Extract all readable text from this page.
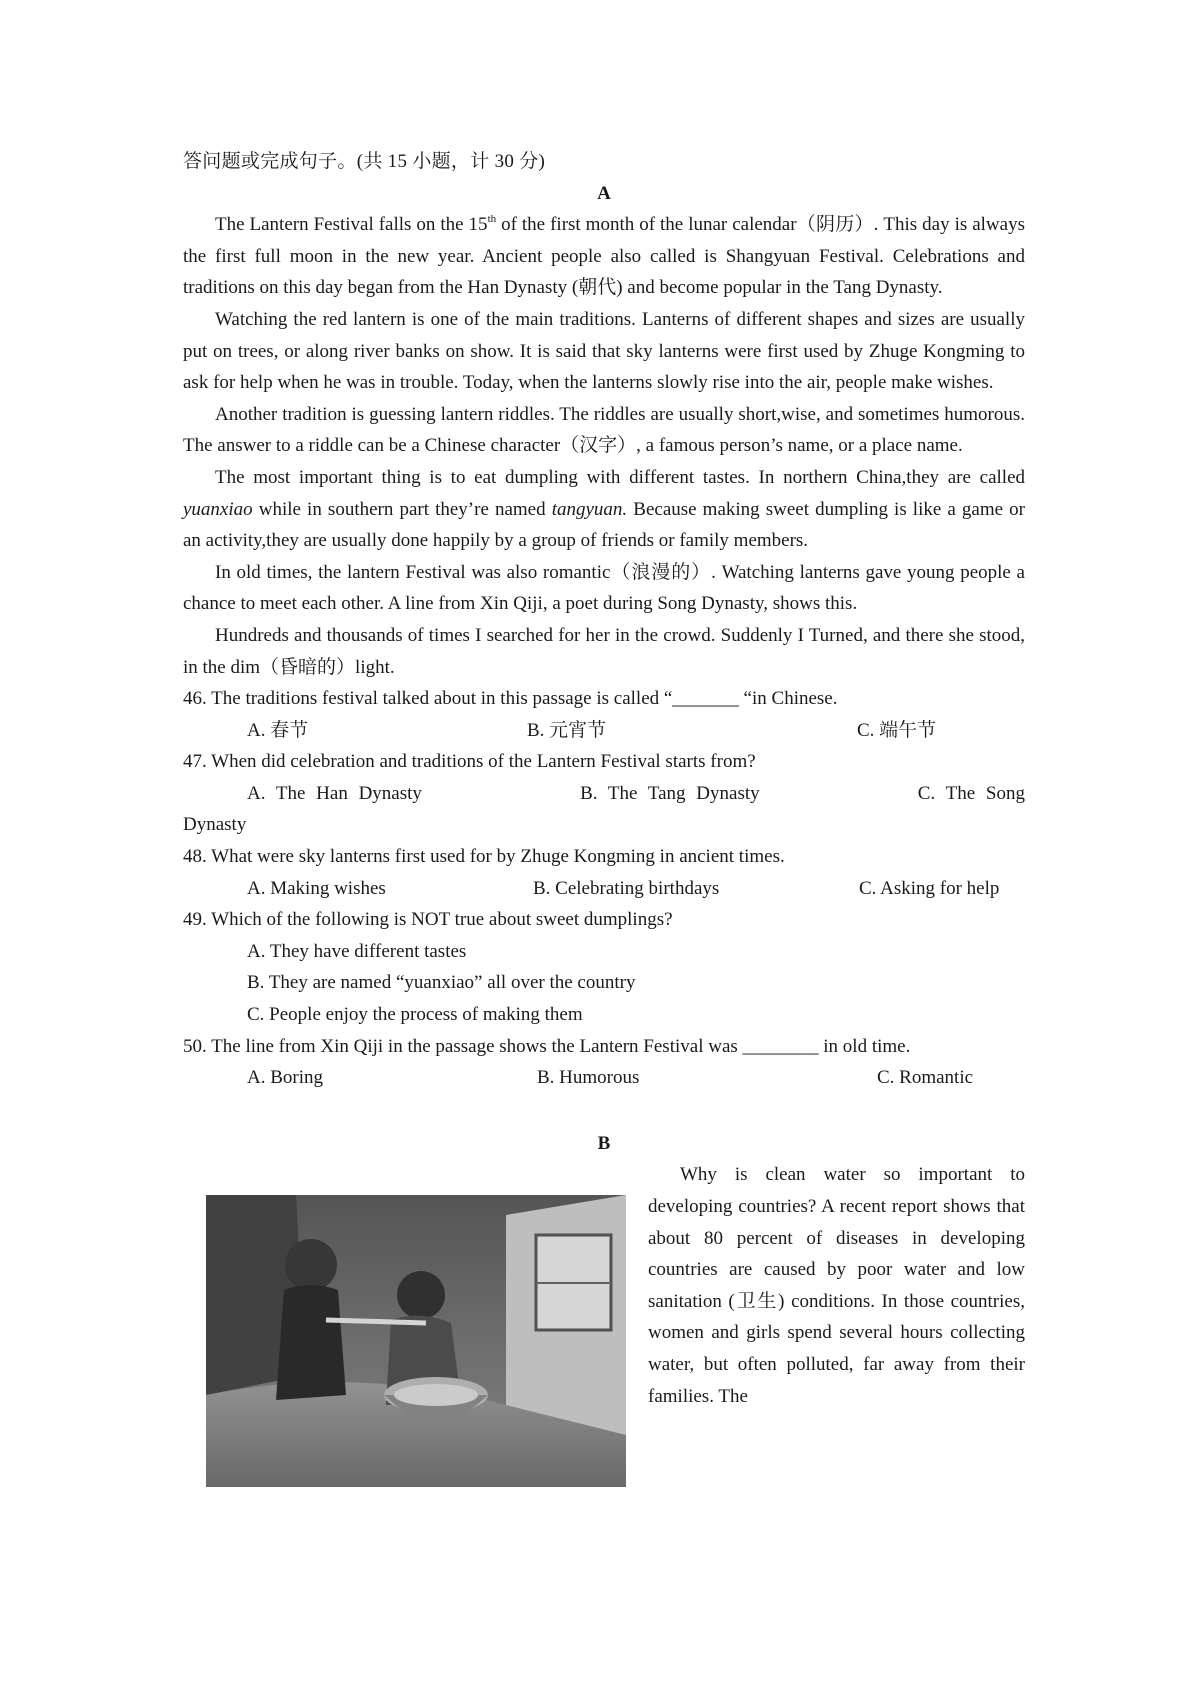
答问题或完成句子。(共 15 小题，计 30 分)

A

The Lantern Festival falls on the 15th of the first month of the lunar calendar（阴历）. This day is always the first full moon in the new year. Ancient people also called is Shangyuan Festival. Celebrations and traditions on this day began from the Han Dynasty (朝代) and become popular in the Tang Dynasty.

Watching the red lantern is one of the main traditions. Lanterns of different shapes and sizes are usually put on trees, or along river banks on show. It is said that sky lanterns were first used by Zhuge Kongming to ask for help when he was in trouble. Today, when the lanterns slowly rise into the air, people make wishes.

Another tradition is guessing lantern riddles. The riddles are usually short,wise, and sometimes humorous. The answer to a riddle can be a Chinese character（汉字）, a famous person’s name, or a place name.

The most important thing is to eat dumpling with different tastes. In northern China,they are called yuanxiao while in southern part they’re named tangyuan. Because making sweet dumpling is like a game or an activity,they are usually done happily by a group of friends or family members.

In old times, the lantern Festival was also romantic（浪漫的）. Watching lanterns gave young people a chance to meet each other. A line from Xin Qiji, a poet during Song Dynasty, shows this.

Hundreds and thousands of times I searched for her in the crowd. Suddenly I Turned, and there she stood, in the dim（昏暗的）light.

46. The traditions festival talked about in this passage is called “_______ “in Chinese.

A. 春节	B. 元宵节	C. 端午节

47. When did celebration and traditions of the Lantern Festival starts from?

A. The Han Dynasty	B. The Tang Dynasty	C. The Song

Dynasty

48. What were sky lanterns first used for by Zhuge Kongming in ancient times.

A. Making wishes	B. Celebrating birthdays	C. Asking for help

49. Which of the following is NOT true about sweet dumplings?

A. They have different tastes

B. They are named “yuanxiao” all over the country

C. People enjoy the process of making them

50. The line from Xin Qiji in the passage shows the Lantern Festival was ________ in old time.

A. Boring	B. Humorous	C. Romantic

B

Why is clean water so important to developing countries? A recent report shows that about 80 percent of diseases in developing countries are caused by poor water and low sanitation (卫生) conditions. In those countries, women and girls spend several hours collecting water, but often polluted, far away from their families. The
